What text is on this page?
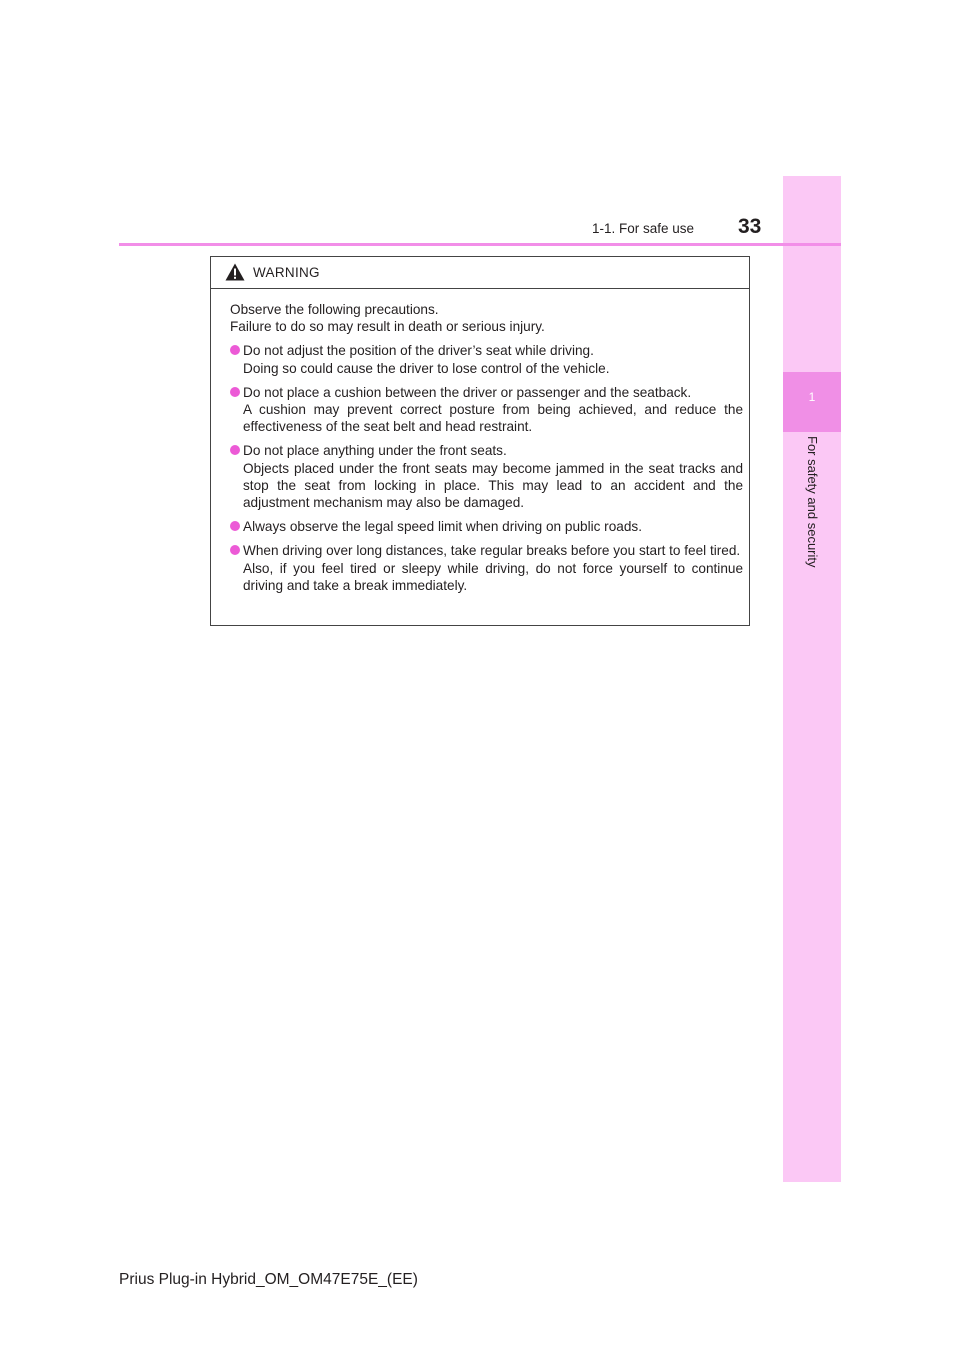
1
For safety and security
1-1. For safe use 33
WARNING
Observe the following precautions.
Failure to do so may result in death or serious injury.
Do not adjust the position of the driver’s seat while driving.
Doing so could cause the driver to lose control of the vehicle.
Do not place a cushion between the driver or passenger and the seatback.
A cushion may prevent correct posture from being achieved, and reduce the effectiveness of the seat belt and head restraint.
Do not place anything under the front seats.
Objects placed under the front seats may become jammed in the seat tracks and stop the seat from locking in place. This may lead to an accident and the adjustment mechanism may also be damaged.
Always observe the legal speed limit when driving on public roads.
When driving over long distances, take regular breaks before you start to feel tired.
Also, if you feel tired or sleepy while driving, do not force yourself to continue driving and take a break immediately.
Prius Plug-in Hybrid_OM_OM47E75E_(EE)
